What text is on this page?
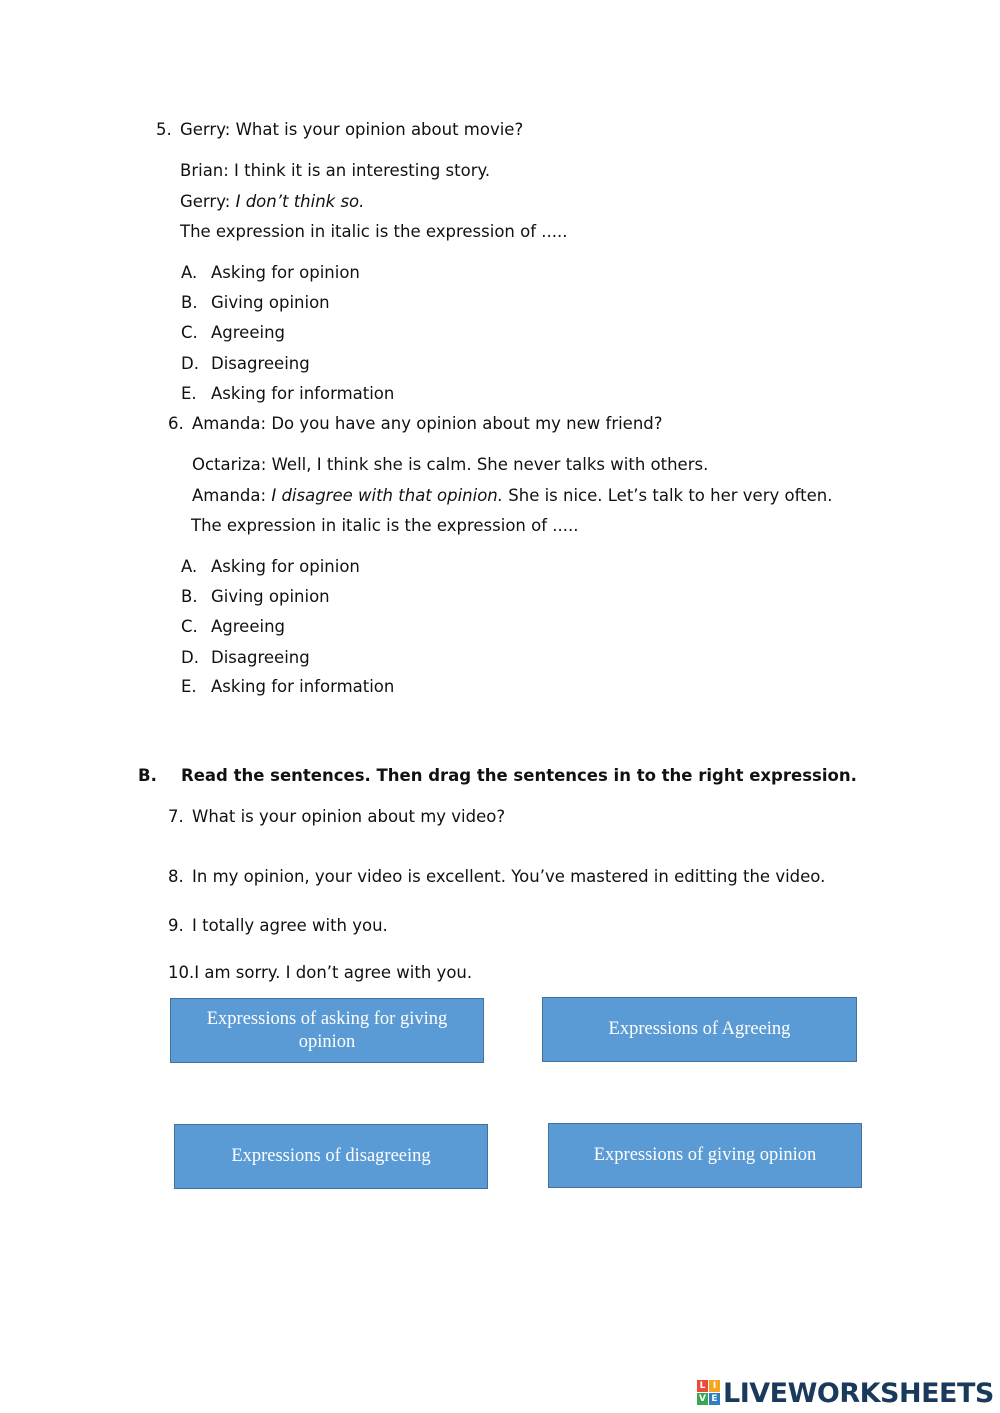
5. Gerry: What is your opinion about movie?
Brian: I think it is an interesting story.
Gerry: I don’t think so.
The expression in italic is the expression of .....
A. Asking for opinion
B. Giving opinion
C. Agreeing
D. Disagreeing
E. Asking for information
6. Amanda: Do you have any opinion about my new friend?
Octariza: Well, I think she is calm. She never talks with others.
Amanda: I disagree with that opinion. She is nice. Let’s talk to her very often.
The expression in italic is the expression of .....
A. Asking for opinion
B. Giving opinion
C. Agreeing
D. Disagreeing
E. Asking for information
B. Read the sentences. Then drag the sentences in to the right expression.
7. What is your opinion about my video?
8. In my opinion, your video is excellent. You’ve mastered in editting the video.
9. I totally agree with you.
10.I am sorry. I don’t agree with you.
Expressions of asking for giving opinion
Expressions of Agreeing
Expressions of disagreeing	Expressions of giving opinion
L I
V E LIVEWORKSHEETS
